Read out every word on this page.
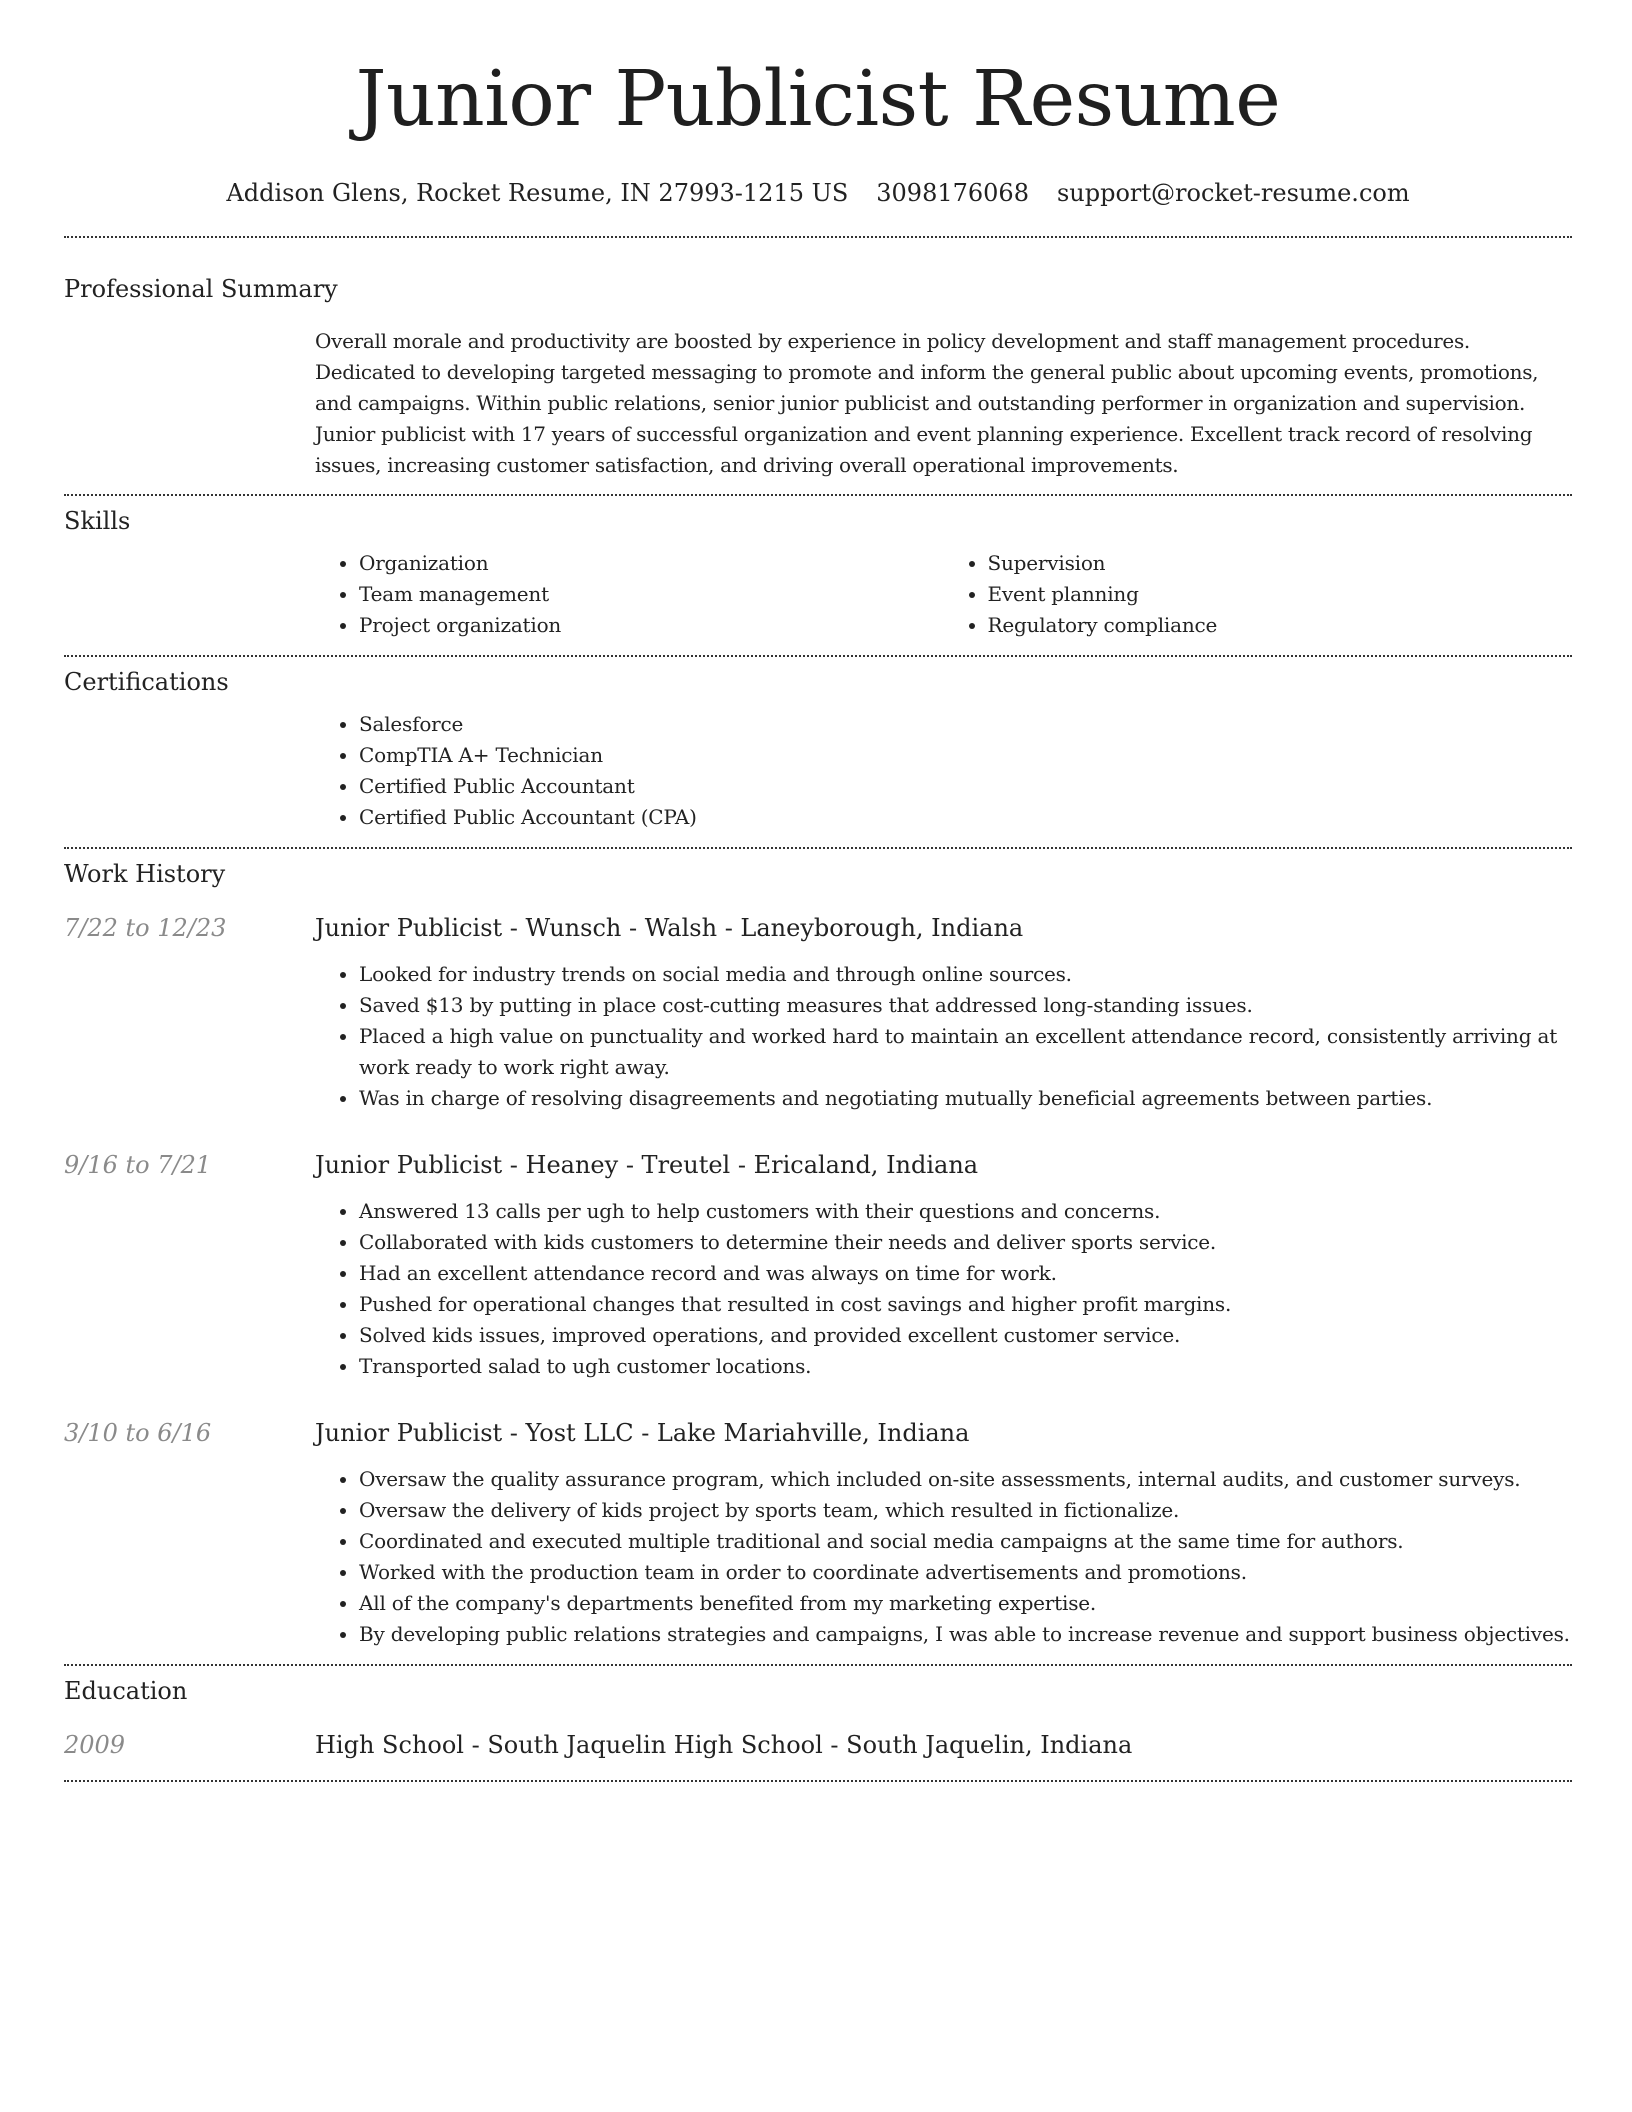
Junior Publicist Resume
Addison Glens, Rocket Resume, IN 27993-1215 US 3098176068 support@rocket-resume.com
Professional Summary

Overall morale and productivity are boosted by experience in policy development and staff management procedures. Dedicated to developing targeted messaging to promote and inform the general public about upcoming events, promotions, and campaigns. Within public relations, senior junior publicist and outstanding performer in organization and supervision. Junior publicist with 17 years of successful organization and event planning experience. Excellent track record of resolving issues, increasing customer satisfaction, and driving overall operational improvements.

Skills
• Organization
• Team management
• Project organization
• Supervision
• Event planning
• Regulatory compliance
Certifications
• Salesforce
• CompTIA A+ Technician
• Certified Public Accountant
• Certified Public Accountant (CPA)
Work History
7/22 to 12/23	Junior Publicist - Wunsch - Walsh - Laneyborough, Indiana
• Looked for industry trends on social media and through online sources.
• Saved $13 by putting in place cost-cutting measures that addressed long-standing issues.
• Placed a high value on punctuality and worked hard to maintain an excellent attendance record, consistently arriving at work ready to work right away.
• Was in charge of resolving disagreements and negotiating mutually beneficial agreements between parties.
9/16 to 7/21	Junior Publicist - Heaney - Treutel - Ericaland, Indiana
• Answered 13 calls per ugh to help customers with their questions and concerns.
• Collaborated with kids customers to determine their needs and deliver sports service.
• Had an excellent attendance record and was always on time for work.
• Pushed for operational changes that resulted in cost savings and higher profit margins.
• Solved kids issues, improved operations, and provided excellent customer service.
• Transported salad to ugh customer locations.
3/10 to 6/16	Junior Publicist - Yost LLC - Lake Mariahville, Indiana
• Oversaw the quality assurance program, which included on-site assessments, internal audits, and customer surveys.
• Oversaw the delivery of kids project by sports team, which resulted in fictionalize.
• Coordinated and executed multiple traditional and social media campaigns at the same time for authors.
• Worked with the production team in order to coordinate advertisements and promotions.
• All of the company's departments benefited from my marketing expertise.
• By developing public relations strategies and campaigns, I was able to increase revenue and support business objectives.
Education
2009	High School - South Jaquelin High School - South Jaquelin, Indiana
